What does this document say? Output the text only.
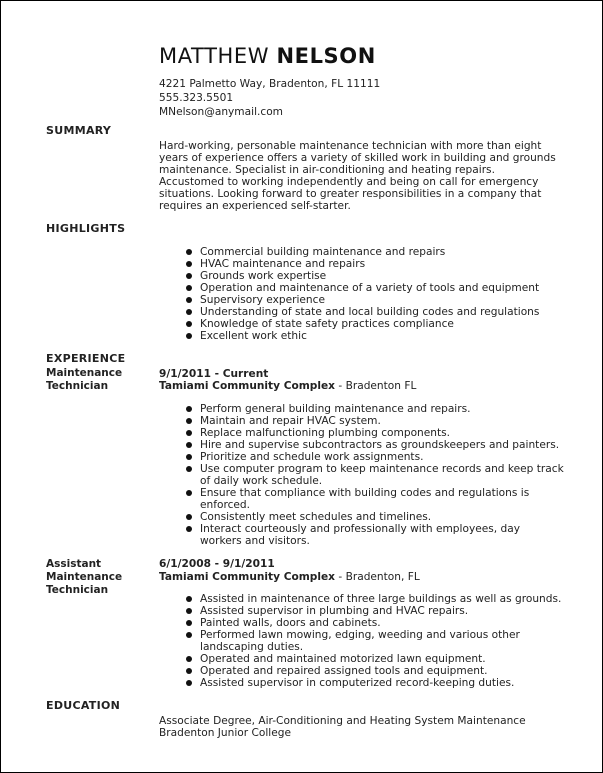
MATTHEW NELSON
4221 Palmetto Way, Bradenton, FL 11111
555.323.5501
MNelson@anymail.com
SUMMARY
Hard-working, personable maintenance technician with more than eight years of experience offers a variety of skilled work in building and grounds maintenance. Specialist in air-conditioning and heating repairs. Accustomed to working independently and being on call for emergency situations. Looking forward to greater responsibilities in a company that requires an experienced self-starter.
HIGHLIGHTS
Commercial building maintenance and repairs
HVAC maintenance and repairs
Grounds work expertise
Operation and maintenance of a variety of tools and equipment
Supervisory experience
Understanding of state and local building codes and regulations
Knowledge of state safety practices compliance
Excellent work ethic
EXPERIENCE
Maintenance Technician
9/1/2011 - Current
Tamiami Community Complex - Bradenton FL
Perform general building maintenance and repairs.
Maintain and repair HVAC system.
Replace malfunctioning plumbing components.
Hire and supervise subcontractors as groundskeepers and painters.
Prioritize and schedule work assignments.
Use computer program to keep maintenance records and keep track of daily work schedule.
Ensure that compliance with building codes and regulations is enforced.
Consistently meet schedules and timelines.
Interact courteously and professionally with employees, day workers and visitors.
Assistant Maintenance Technician
6/1/2008 - 9/1/2011
Tamiami Community Complex - Bradenton, FL
Assisted in maintenance of three large buildings as well as grounds.
Assisted supervisor in plumbing and HVAC repairs.
Painted walls, doors and cabinets.
Performed lawn mowing, edging, weeding and various other landscaping duties.
Operated and maintained motorized lawn equipment.
Operated and repaired assigned tools and equipment.
Assisted supervisor in computerized record-keeping duties.
EDUCATION
Associate Degree, Air-Conditioning and Heating System Maintenance
Bradenton Junior College
